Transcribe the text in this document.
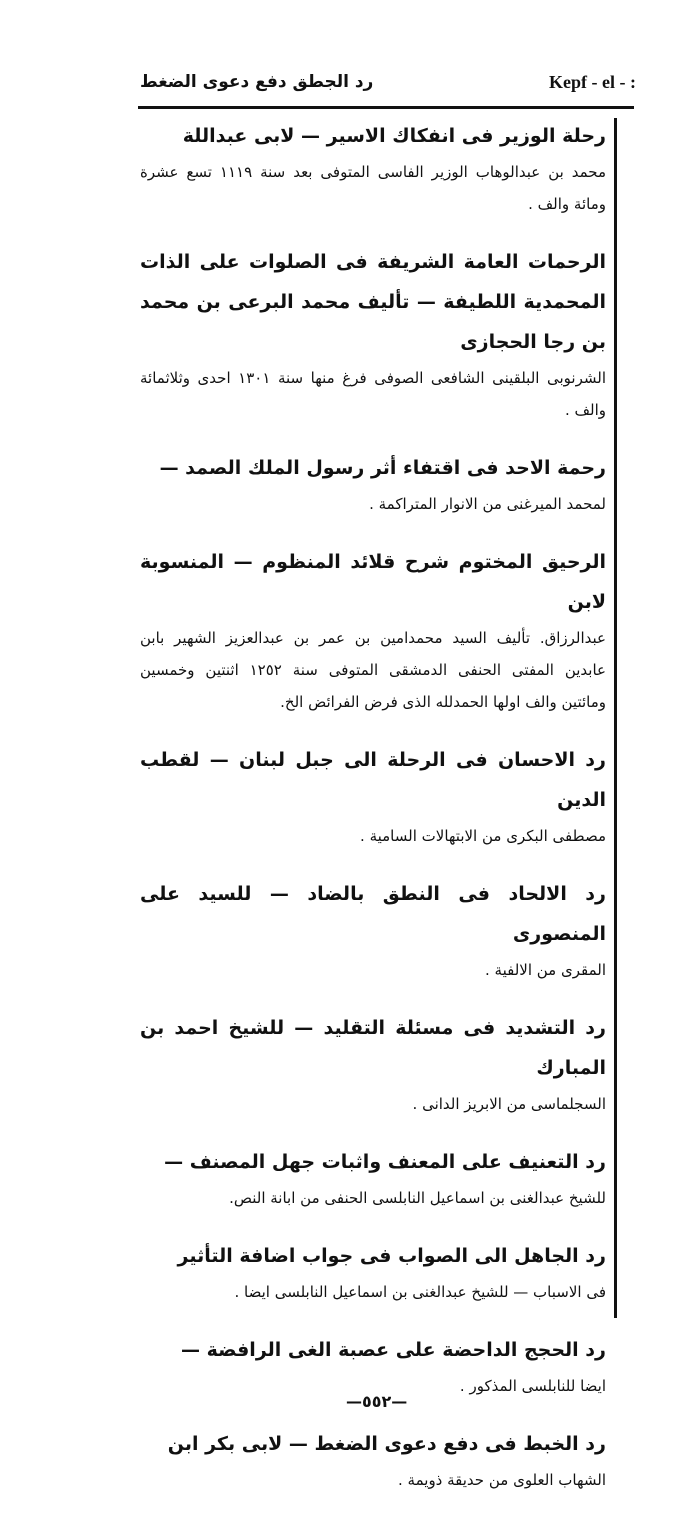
رد الجطق دفع دعوى الضغط	Kepf - el - :
رحلة الوزير فى انفكاك الاسير — لابى عبداللة
محمد بن عبدالوهاب الوزير الفاسى المتوفى بعد سنة ١١١٩ تسع عشرة ومائة والف .
الرحمات العامة الشريفة فى الصلوات على الذات المحمدية اللطيفة — تأليف محمد البرعى بن محمد بن رجا الحجازى
الشرنوبى البلقينى الشافعى الصوفى فرغ منها سنة ١٣٠١ احدى وثلاثمائة والف .
رحمة الاحد فى اقتفاء أثر رسول الملك الصمد —
لمحمد الميرغنى من الانوار المتراكمة .
الرحيق المختوم شرح قلائد المنظوم — المنسوبة لابن
عبدالرزاق. تأليف السيد محمدامين بن عمر بن عبدالعزيز الشهير بابن عابدين المفتى الحنفى الدمشقى المتوفى سنة ١٢٥٢ اثنتين وخمسين ومائتين والف اولها الحمدلله الذى فرض الفرائض الخ.
رد الاحسان فى الرحلة الى جبل لبنان — لقطب الدين
مصطفى البكرى من الابتهالات السامية .
رد الالحاد فى النطق بالضاد — للسيد على المنصورى
المقرى من الالفية .
رد التشديد فى مسئلة التقليد — للشيخ احمد بن المبارك
السجلماسى من الابريز الدانى .
رد التعنيف على المعنف واثبات جهل المصنف —
للشيخ عبدالغنى بن اسماعيل النابلسى الحنفى من ابانة النص.
رد الجاهل الى الصواب فى جواب اضافة التأثير
فى الاسباب — للشيخ عبدالغنى بن اسماعيل النابلسى ايضا .
رد الحجج الداحضة على عصبة الغى الرافضة —
ايضا للنابلسى المذكور .
رد الخبط فى دفع دعوى الضغط — لابى بكر ابن
الشهاب العلوى من حديقة ذويمة .
—٥٥٢—
